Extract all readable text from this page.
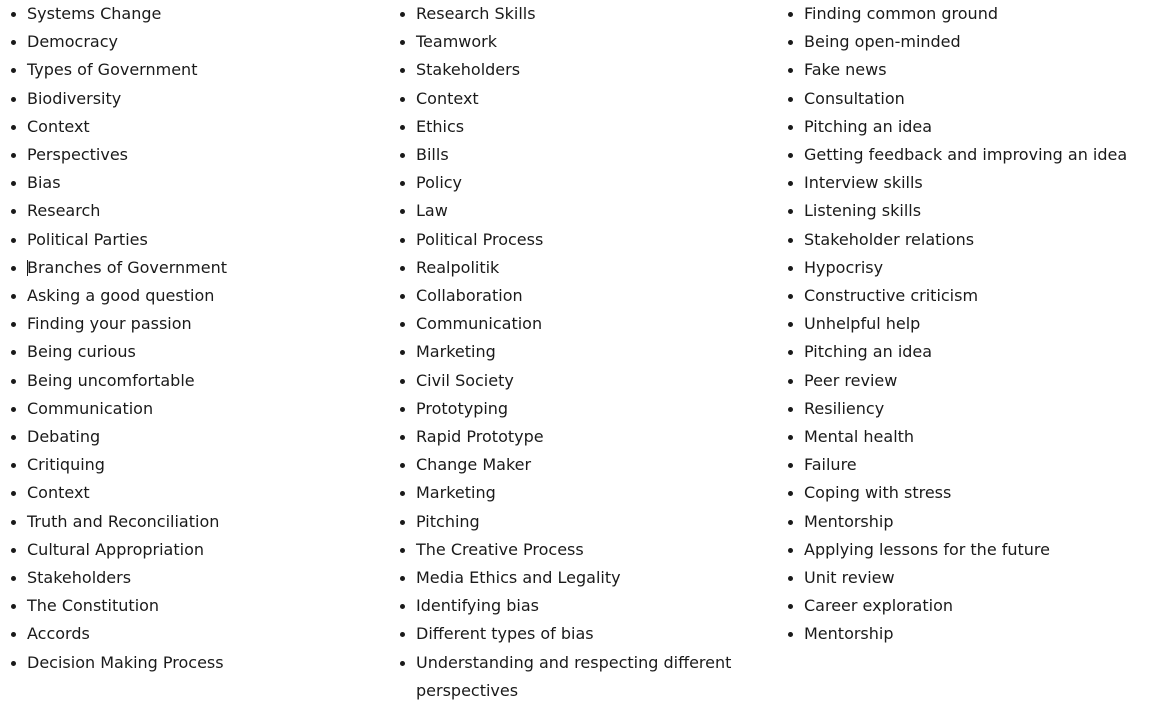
Systems Change
Democracy
Types of Government
Biodiversity
Context
Perspectives
Bias
Research
Political Parties
Branches of Government
Asking a good question
Finding your passion
Being curious
Being uncomfortable
Communication
Debating
Critiquing
Context
Truth and Reconciliation
Cultural Appropriation
Stakeholders
The Constitution
Accords
Decision Making Process
Research Skills
Teamwork
Stakeholders
Context
Ethics
Bills
Policy
Law
Political Process
Realpolitik
Collaboration
Communication
Marketing
Civil Society
Prototyping
Rapid Prototype
Change Maker
Marketing
Pitching
The Creative Process
Media Ethics and Legality
Identifying bias
Different types of bias
Understanding and respecting different perspectives
Finding common ground
Being open-minded
Fake news
Consultation
Pitching an idea
Getting feedback and improving an idea
Interview skills
Listening skills
Stakeholder relations
Hypocrisy
Constructive criticism
Unhelpful help
Pitching an idea
Peer review
Resiliency
Mental health
Failure
Coping with stress
Mentorship
Applying lessons for the future
Unit review
Career exploration
Mentorship
